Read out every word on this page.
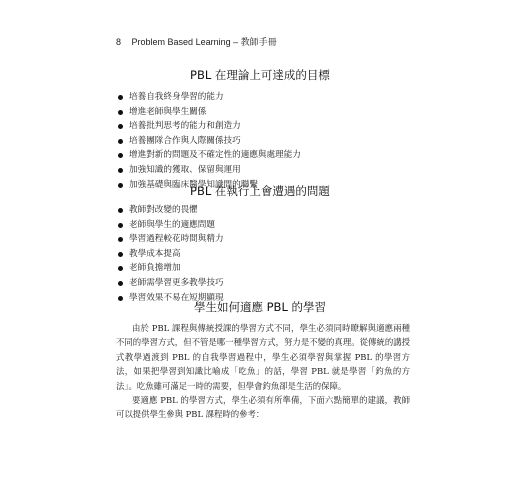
8 Problem Based Learning – 教師手冊
PBL 在理論上可達成的目標
培養自我終身學習的能力
增進老師與學生關係
培養批判思考的能力和創造力
培養團隊合作與人際關係技巧
增進對新的問題及不確定性的適應與處理能力
加強知識的獲取、保留與運用
加強基礎與臨床醫學知識間的聯繫
PBL 在執行上會遭遇的問題
教師對改變的畏懼
老師與學生的適應問題
學習過程較花時間與精力
教學成本提高
老師負擔增加
老師需學習更多教學技巧
學習效果不易在短期顯現
學生如何適應 PBL 的學習

由於 PBL 課程與傳統授課的學習方式不同，學生必須同時瞭解與適應兩種不同的學習方式，但不管是哪一種學習方式，努力是不變的真理。從傳統的講授式教學過渡到 PBL 的自我學習過程中，學生必須學習與掌握 PBL 的學習方法，如果把學習到知識比喻成「吃魚」的話，學習 PBL 就是學習「釣魚的方法」。吃魚雖可滿足一時的需要，但學會釣魚卻是生活的保障。

要適應 PBL 的學習方式，學生必須有所準備，下面六點簡單的建議，教師可以提供學生參與 PBL 課程時的參考：
